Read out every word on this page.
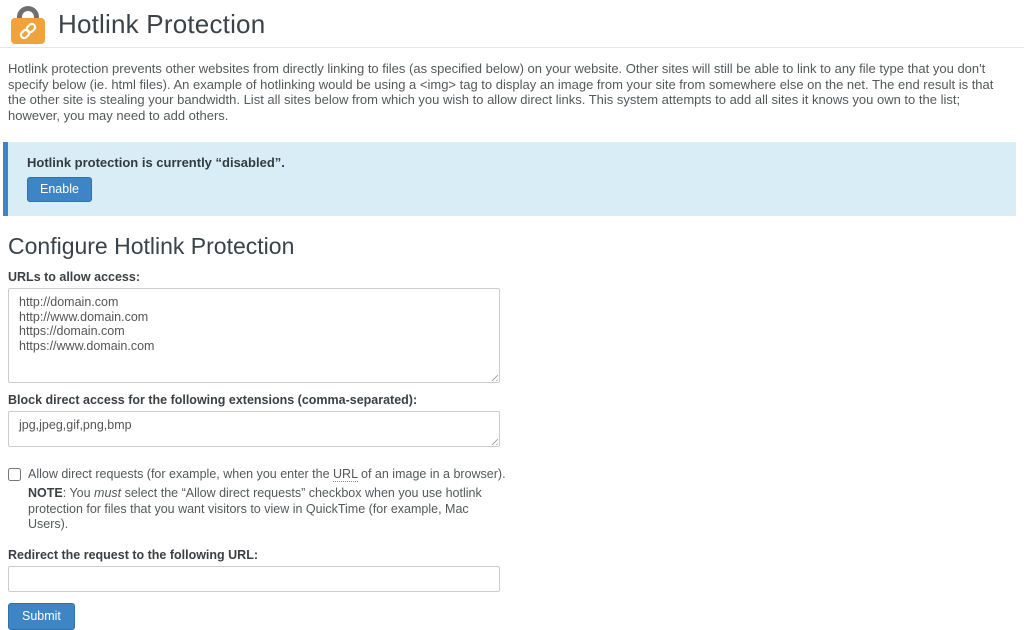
Hotlink Protection

Hotlink protection prevents other websites from directly linking to files (as specified below) on your website. Other sites will still be able to link to any file type that you don't specify below (ie. html files). An example of hotlinking would be using a <img> tag to display an image from your site from somewhere else on the net. The end result is that the other site is stealing your bandwidth. List all sites below from which you wish to allow direct links. This system attempts to add all sites it knows you own to the list; however, you may need to add others.

Hotlink protection is currently “disabled”.
Enable
Configure Hotlink Protection
URLs to allow access:
http://domain.com http://www.domain.com https://domain.com https://www.domain.com
Block direct access for the following extensions (comma-separated):
jpg,jpeg,gif,png,bmp
Allow direct requests (for example, when you enter the URL of an image in a browser).

NOTE: You must select the “Allow direct requests” checkbox when you use hotlink protection for files that you want visitors to view in QuickTime (for example, Mac Users).

Redirect the request to the following URL:
Submit
